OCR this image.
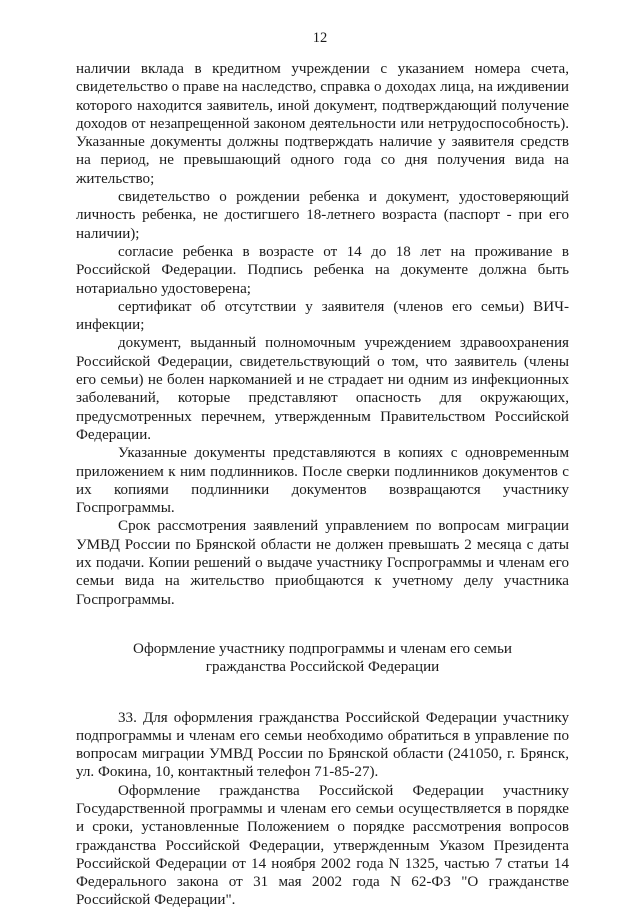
12

наличии вклада в кредитном учреждении с указанием номера счета, свидетельство о праве на наследство, справка о доходах лица, на иждивении которого находится заявитель, иной документ, подтверждающий получение доходов от незапрещенной законом деятельности или нетрудоспособность). Указанные документы должны подтверждать наличие у заявителя средств на период, не превышающий одного года со дня получения вида на жительство;

свидетельство о рождении ребенка и документ, удостоверяющий личность ребенка, не достигшего 18-летнего возраста (паспорт - при его наличии);

согласие ребенка в возрасте от 14 до 18 лет на проживание в Российской Федерации. Подпись ребенка на документе должна быть нотариально удостоверена;

сертификат об отсутствии у заявителя (членов его семьи) ВИЧ-инфекции;

документ, выданный полномочным учреждением здравоохранения Российской Федерации, свидетельствующий о том, что заявитель (члены его семьи) не болен наркоманией и не страдает ни одним из инфекционных заболеваний, которые представляют опасность для окружающих, предусмотренных перечнем, утвержденным Правительством Российской Федерации.

Указанные документы представляются в копиях с одновременным приложением к ним подлинников. После сверки подлинников документов с их копиями подлинники документов возвращаются участнику Госпрограммы.

Срок рассмотрения заявлений управлением по вопросам миграции УМВД России по Брянской области не должен превышать 2 месяца с даты их подачи. Копии решений о выдаче участнику Госпрограммы и членам его семьи вида на жительство приобщаются к учетному делу участника Госпрограммы.

Оформление участнику подпрограммы и членам его семьи
гражданства Российской Федерации

33. Для оформления гражданства Российской Федерации участнику подпрограммы и членам его семьи необходимо обратиться в управление по вопросам миграции УМВД России по Брянской области (241050, г. Брянск, ул. Фокина, 10, контактный телефон 71-85-27).

Оформление гражданства Российской Федерации участнику Государственной программы и членам его семьи осуществляется в порядке и сроки, установленные Положением о порядке рассмотрения вопросов гражданства Российской Федерации, утвержденным Указом Президента Российской Федерации от 14 ноября 2002 года N 1325, частью 7 статьи 14 Федерального закона от 31 мая 2002 года N 62-ФЗ "О гражданстве Российской Федерации".
